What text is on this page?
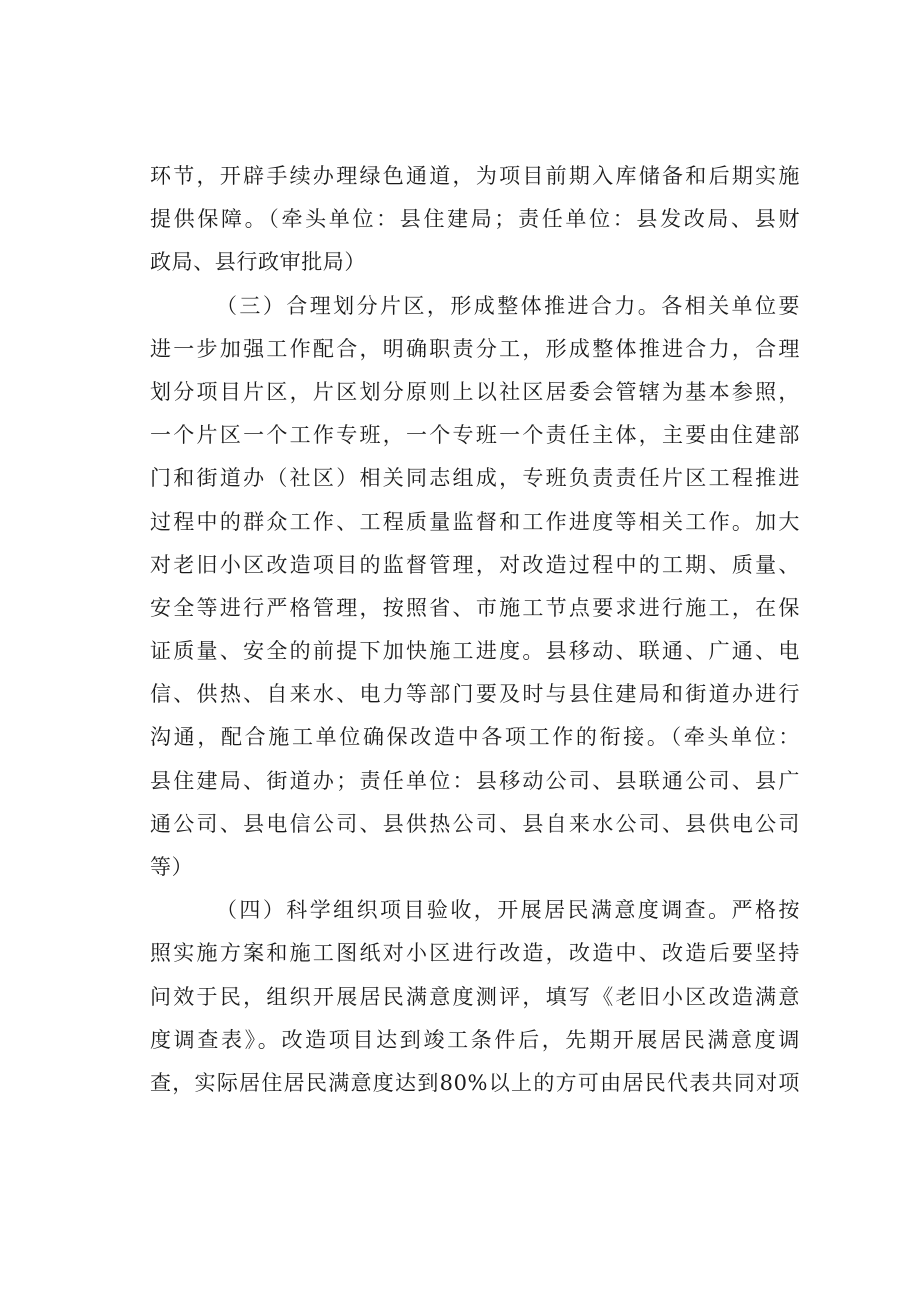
环节，开辟手续办理绿色通道，为项目前期入库储备和后期实施
提供保障。（牵头单位：县住建局；责任单位：县发改局、县财
政局、县行政审批局）
（三）合理划分片区，形成整体推进合力。各相关单位要
进一步加强工作配合，明确职责分工，形成整体推进合力，合理
划分项目片区，片区划分原则上以社区居委会管辖为基本参照，
一个片区一个工作专班，一个专班一个责任主体，主要由住建部
门和街道办（社区）相关同志组成，专班负责责任片区工程推进
过程中的群众工作、工程质量监督和工作进度等相关工作。加大
对老旧小区改造项目的监督管理，对改造过程中的工期、质量、
安全等进行严格管理，按照省、市施工节点要求进行施工，在保
证质量、安全的前提下加快施工进度。县移动、联通、广通、电
信、供热、自来水、电力等部门要及时与县住建局和街道办进行
沟通，配合施工单位确保改造中各项工作的衔接。（牵头单位：
县住建局、街道办；责任单位：县移动公司、县联通公司、县广
通公司、县电信公司、县供热公司、县自来水公司、县供电公司
等）
（四）科学组织项目验收，开展居民满意度调查。严格按
照实施方案和施工图纸对小区进行改造，改造中、改造后要坚持
问效于民，组织开展居民满意度测评，填写《老旧小区改造满意
度调查表》。改造项目达到竣工条件后，先期开展居民满意度调
查，实际居住居民满意度达到80%以上的方可由居民代表共同对项
